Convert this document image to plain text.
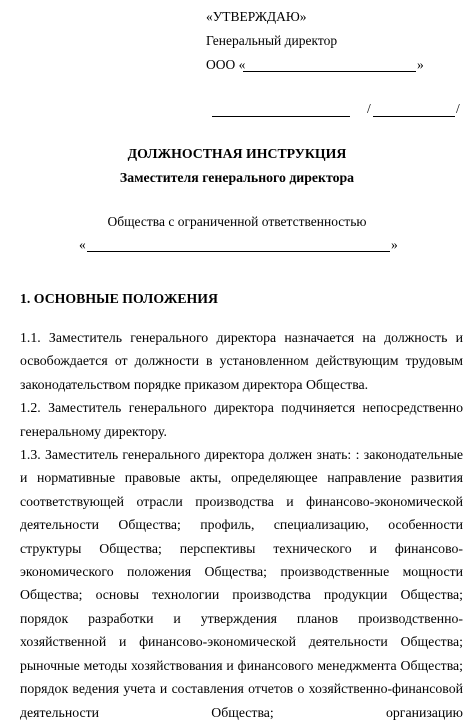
«УТВЕРЖДАЮ»
Генеральный директор
ООО «	»
/	/
ДОЛЖНОСТНАЯ ИНСТРУКЦИЯ
Заместителя генерального директора
Общества с ограниченной ответственностью
«	»
1. ОСНОВНЫЕ ПОЛОЖЕНИЯ

1.1. Заместитель генерального директора назначается на должность и освобождается от должности в установленном действующим трудовым законодательством порядке приказом директора Общества.

1.2. Заместитель генерального директора подчиняется непосредственно генеральному директору.

1.3. Заместитель генерального директора должен знать: : законодательные и нормативные правовые акты, определяющее направление развития соответствующей отрасли производства и финансово-экономической деятельности Общества; профиль, специализацию, особенности структуры Общества; перспективы технического и финансово-экономического положения Общества; производственные мощности Общества; основы технологии производства продукции Общества; порядок разработки и утверждения планов производственно-хозяйственной и финансово-экономической деятельности Общества; рыночные методы хозяйствования и финансового менеджмента Общества; порядок ведения учета и составления отчетов о хозяйственно-финансовой деятельности Общества; организацию
